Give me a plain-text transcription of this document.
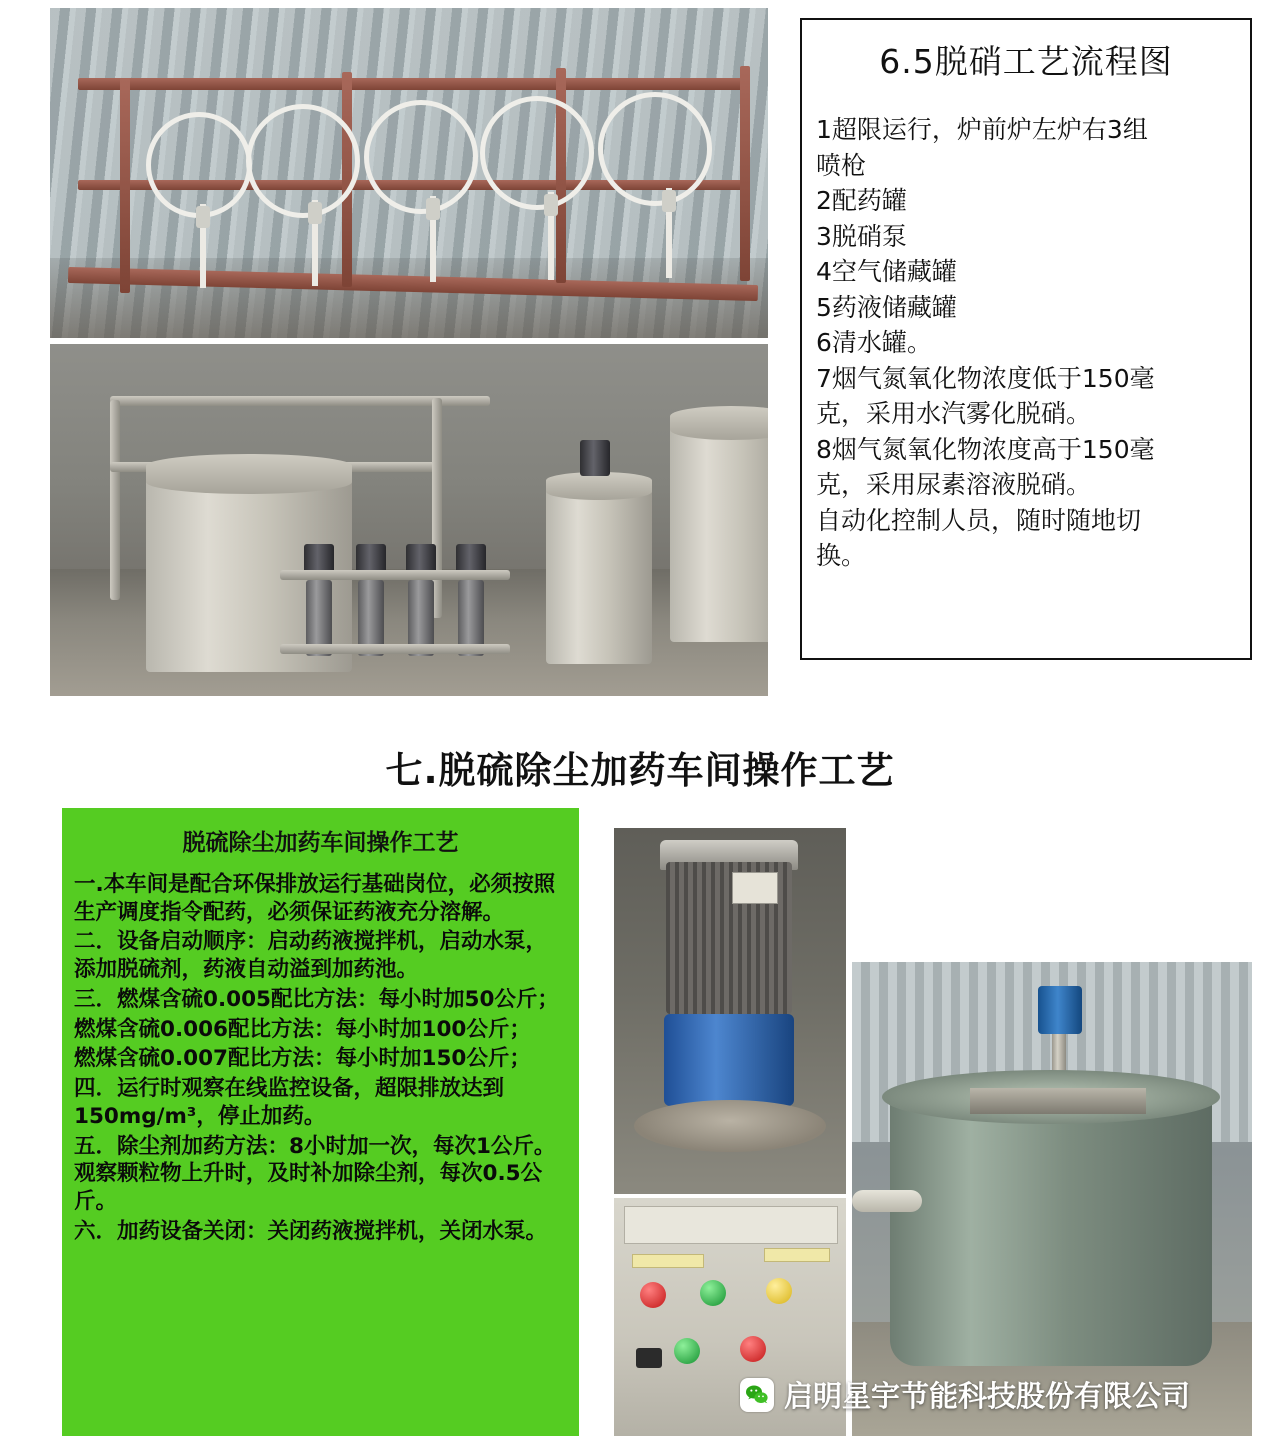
6.5脱硝工艺流程图
1超限运行，炉前炉左炉右3组
喷枪
2配药罐
3脱硝泵
4空气储藏罐
5药液储藏罐
6清水罐。
7烟气氮氧化物浓度低于150毫
克，采用水汽雾化脱硝。
8烟气氮氧化物浓度高于150毫
克，采用尿素溶液脱硝。
自动化控制人员，随时随地切
换。
七.脱硫除尘加药车间操作工艺
脱硫除尘加药车间操作工艺

一.本车间是配合环保排放运行基础岗位，必须按照生产调度指令配药，必须保证药液充分溶解。

二．设备启动顺序：启动药液搅拌机，启动水泵，添加脱硫剂，药液自动溢到加药池。

三．燃煤含硫0.005配比方法：每小时加50公斤；

燃煤含硫0.006配比方法：每小时加100公斤；

燃煤含硫0.007配比方法：每小时加150公斤；

四．运行时观察在线监控设备，超限排放达到150mg/m³，停止加药。

五．除尘剂加药方法：8小时加一次，每次1公斤。观察颗粒物上升时，及时补加除尘剂，每次0.5公斤。

六．加药设备关闭：关闭药液搅拌机，关闭水泵。

启明星宇节能科技股份有限公司
